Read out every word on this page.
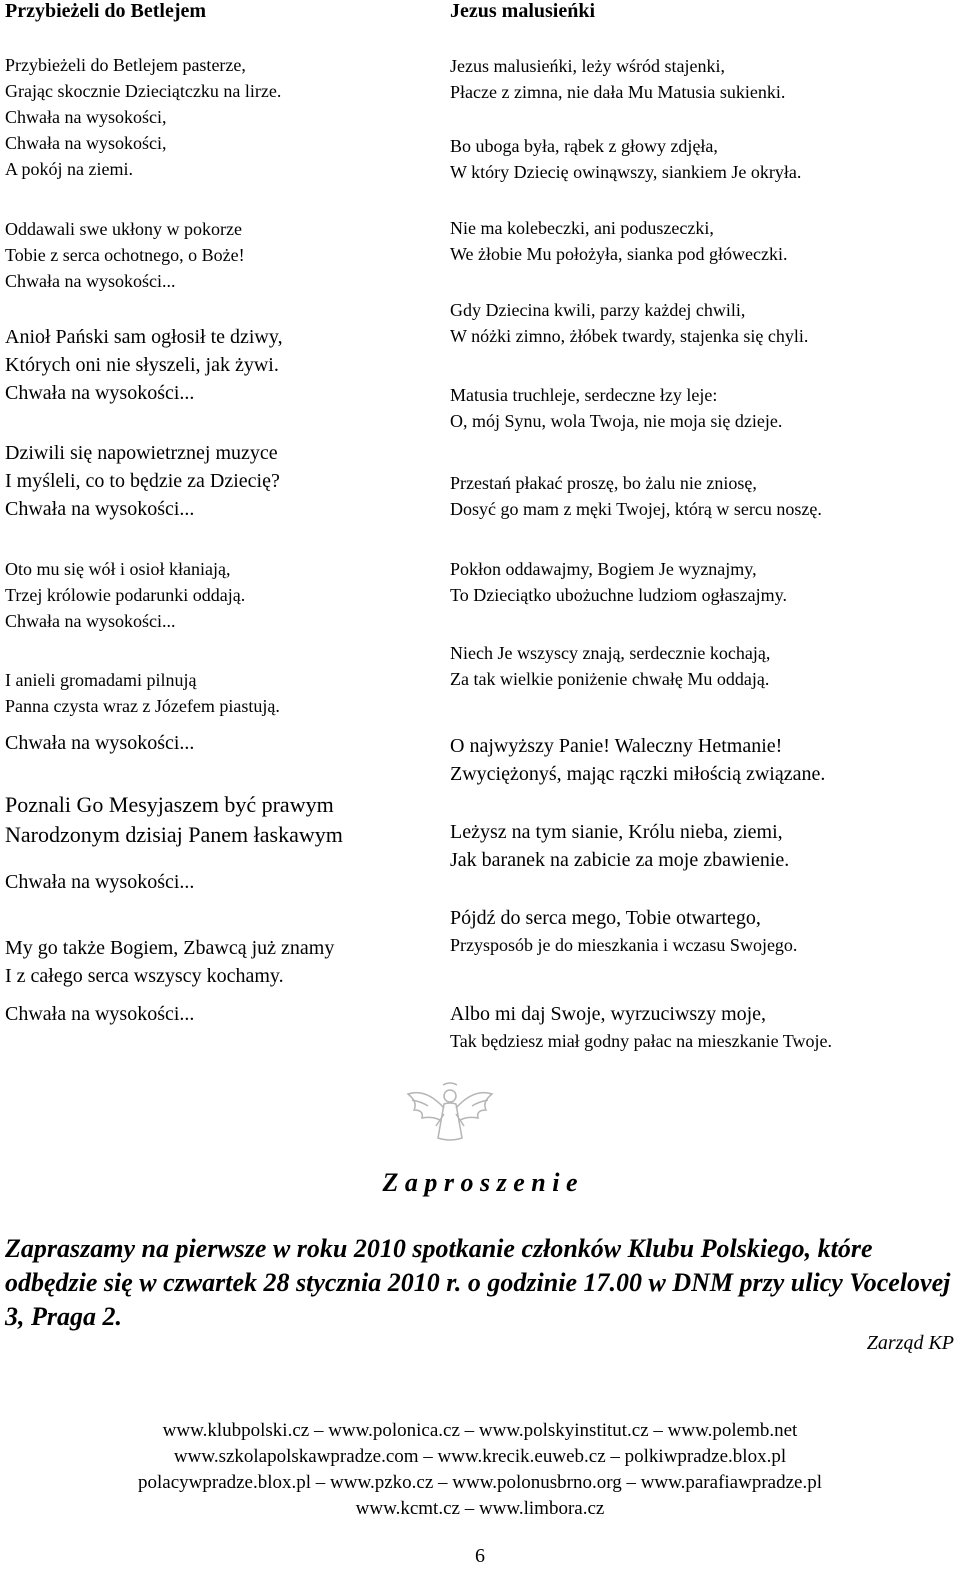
Przybieżeli do Betlejem
Przybieżeli do Betlejem pasterze,
Grając skocznie Dzieciątczku na lirze.
Chwała na wysokości,
Chwała na wysokości,
A pokój na ziemi.
Oddawali swe ukłony w pokorze
Tobie z serca ochotnego, o Boże!
Chwała na wysokości...
Anioł Pański sam ogłosił te dziwy,
Których oni nie słyszeli, jak żywi.
Chwała na wysokości...
Dziwili się napowietrznej muzyce
I myśleli, co to będzie za Dziecię?
Chwała na wysokości...
Oto mu się wół i osioł kłaniają,
Trzej królowie podarunki oddają.
Chwała na wysokości...
I anieli gromadami pilnują
Panna czysta wraz z Józefem piastują.
Chwała na wysokości...
Poznali Go Mesyjaszem być prawym
Narodzonym dzisiaj Panem łaskawym
Chwała na wysokości...
My go także Bogiem, Zbawcą już znamy
I z całego serca wszyscy kochamy.
Chwała na wysokości...
Jezus malusieńki
Jezus malusieńki, leży wśród stajenki,
Płacze z zimna, nie dała Mu Matusia sukienki.
Bo uboga była, rąbek z głowy zdjęła,
W który Dziecię owinąwszy, siankiem Je okryła.
Nie ma kolebeczki, ani poduszeczki,
We żłobie Mu położyła, sianka pod główeczki.
Gdy Dziecina kwili, parzy każdej chwili,
W nóżki zimno, żłóbek twardy, stajenka się chyli.
Matusia truchleje, serdeczne łzy leje:
O, mój Synu, wola Twoja, nie moja się dzieje.
Przestań płakać proszę, bo żalu nie zniosę,
Dosyć go mam z męki Twojej, którą w sercu noszę.
Pokłon oddawajmy, Bogiem Je wyznajmy,
To Dzieciątko ubożuchne ludziom ogłaszajmy.
Niech Je wszyscy znają, serdecznie kochają,
Za tak wielkie poniżenie chwałę Mu oddają.
O najwyższy Panie! Waleczny Hetmanie!
Zwyciężonyś, mając rączki miłością związane.
Leżysz na tym sianie, Królu nieba, ziemi,
Jak baranek na zabicie za moje zbawienie.
Pójdź do serca mego, Tobie otwartego,
Przysposób je do mieszkania i wczasu Swojego.
Albo mi daj Swoje, wyrzuciwszy moje,
Tak będziesz miał godny pałac na mieszkanie Twoje.
Z a p r o s z e n i e
Zapraszamy na pierwsze w roku 2010 spotkanie członków Klubu Polskiego, które odbędzie się w czwartek 28 stycznia 2010 r. o godzinie 17.00 w DNM przy ulicy Vocelovej 3, Praga 2.
Zarząd KP
www.klubpolski.cz – www.polonica.cz – www.polskyinstitut.cz – www.polemb.net
www.szkolapolskawpradze.com – www.krecik.euweb.cz – polkiwpradze.blox.pl
polacywpradze.blox.pl – www.pzko.cz – www.polonusbrno.org – www.parafiawpradze.pl
www.kcmt.cz – www.limbora.cz
6
